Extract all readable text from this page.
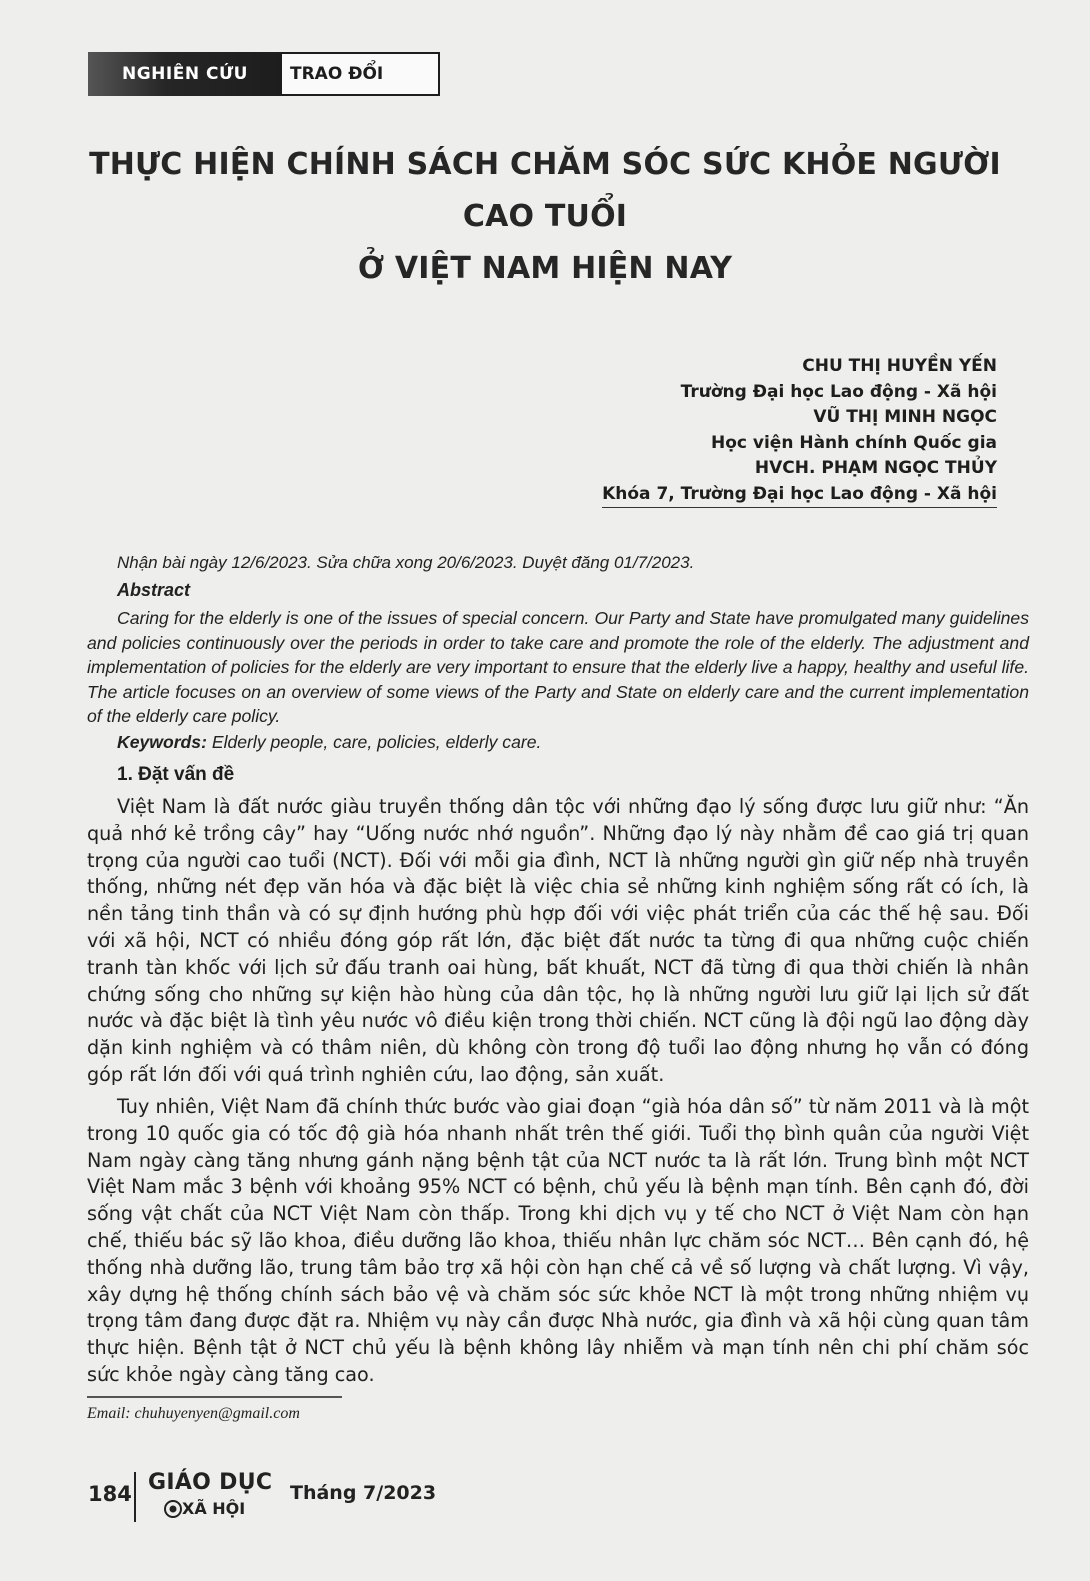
NGHIÊN CỨU	TRAO ĐỔI
THỰC HIỆN CHÍNH SÁCH CHĂM SÓC SỨC KHỎE NGƯỜI CAO TUỔI
Ở VIỆT NAM HIỆN NAY
CHU THỊ HUYỀN YẾN
Trường Đại học Lao động - Xã hội
VŨ THỊ MINH NGỌC
Học viện Hành chính Quốc gia
HVCH. PHẠM NGỌC THỦY
Khóa 7, Trường Đại học Lao động - Xã hội
Nhận bài ngày 12/6/2023. Sửa chữa xong 20/6/2023. Duyệt đăng 01/7/2023.
Abstract
Caring for the elderly is one of the issues of special concern. Our Party and State have promulgated many guidelines and policies continuously over the periods in order to take care and promote the role of the elderly. The adjustment and implementation of policies for the elderly are very important to ensure that the elderly live a happy, healthy and useful life. The article focuses on an overview of some views of the Party and State on elderly care and the current implementation of the elderly care policy.
Keywords: Elderly people, care, policies, elderly care.
1. Đặt vấn đề
Việt Nam là đất nước giàu truyền thống dân tộc với những đạo lý sống được lưu giữ như: “Ăn quả nhớ kẻ trồng cây” hay “Uống nước nhớ nguồn”. Những đạo lý này nhằm đề cao giá trị quan trọng của người cao tuổi (NCT). Đối với mỗi gia đình, NCT là những người gìn giữ nếp nhà truyền thống, những nét đẹp văn hóa và đặc biệt là việc chia sẻ những kinh nghiệm sống rất có ích, là nền tảng tinh thần và có sự định hướng phù hợp đối với việc phát triển của các thế hệ sau. Đối với xã hội, NCT có nhiều đóng góp rất lớn, đặc biệt đất nước ta từng đi qua những cuộc chiến tranh tàn khốc với lịch sử đấu tranh oai hùng, bất khuất, NCT đã từng đi qua thời chiến là nhân chứng sống cho những sự kiện hào hùng của dân tộc, họ là những người lưu giữ lại lịch sử đất nước và đặc biệt là tình yêu nước vô điều kiện trong thời chiến. NCT cũng là đội ngũ lao động dày dặn kinh nghiệm và có thâm niên, dù không còn trong độ tuổi lao động nhưng họ vẫn có đóng góp rất lớn đối với quá trình nghiên cứu, lao động, sản xuất.
Tuy nhiên, Việt Nam đã chính thức bước vào giai đoạn “già hóa dân số” từ năm 2011 và là một trong 10 quốc gia có tốc độ già hóa nhanh nhất trên thế giới. Tuổi thọ bình quân của người Việt Nam ngày càng tăng nhưng gánh nặng bệnh tật của NCT nước ta là rất lớn. Trung bình một NCT Việt Nam mắc 3 bệnh với khoảng 95% NCT có bệnh, chủ yếu là bệnh mạn tính. Bên cạnh đó, đời sống vật chất của NCT Việt Nam còn thấp. Trong khi dịch vụ y tế cho NCT ở Việt Nam còn hạn chế, thiếu bác sỹ lão khoa, điều dưỡng lão khoa, thiếu nhân lực chăm sóc NCT… Bên cạnh đó, hệ thống nhà dưỡng lão, trung tâm bảo trợ xã hội còn hạn chế cả về số lượng và chất lượng. Vì vậy, xây dựng hệ thống chính sách bảo vệ và chăm sóc sức khỏe NCT là một trong những nhiệm vụ trọng tâm đang được đặt ra. Nhiệm vụ này cần được Nhà nước, gia đình và xã hội cùng quan tâm thực hiện. Bệnh tật ở NCT chủ yếu là bệnh không lây nhiễm và mạn tính nên chi phí chăm sóc sức khỏe ngày càng tăng cao.
Email: chuhuyenyen@gmail.com
184 GIÁO DỤC
XÃ HỘI
Tháng 7/2023
